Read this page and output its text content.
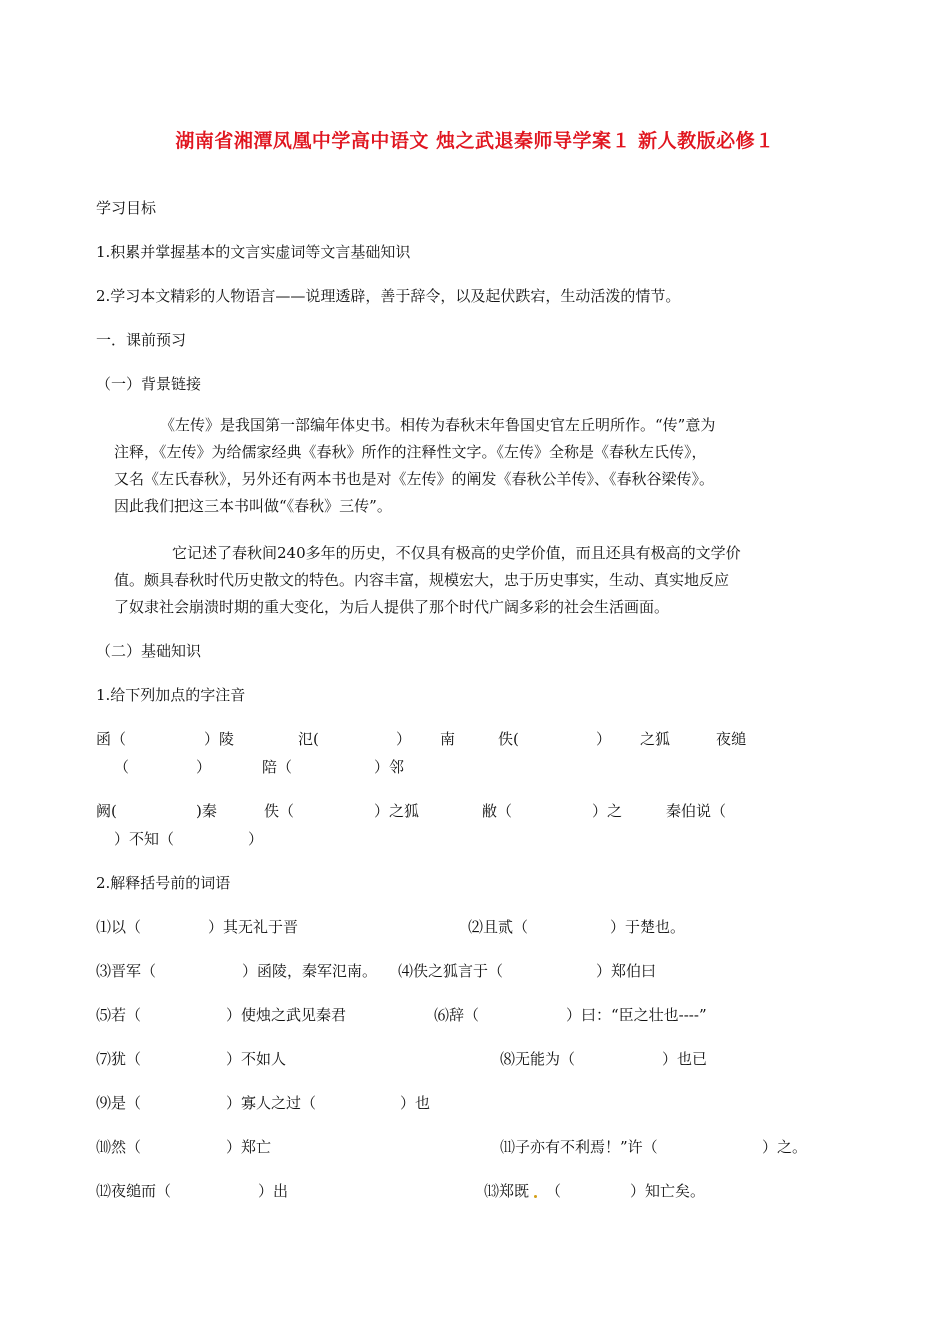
湖南省湘潭凤凰中学高中语文 烛之武退秦师导学案１ 新人教版必修１
学习目标
1.积累并掌握基本的文言实虚词等文言基础知识
2.学习本文精彩的人物语言——说理透辟，善于辞令，以及起伏跌宕，生动活泼的情节。
一．课前预习
（一）背景链接
《左传》是我国第一部编年体史书。相传为春秋末年鲁国史官左丘明所作。“传”意为
注释，《左传》为给儒家经典《春秋》所作的注释性文字。《左传》全称是《春秋左氏传》，
又名《左氏春秋》，另外还有两本书也是对《左传》的阐发《春秋公羊传》、《春秋谷梁传》。
因此我们把这三本书叫做“《春秋》三传”。
它记述了春秋间240多年的历史，不仅具有极高的史学价值，而且还具有极高的文学价
值。颇具春秋时代历史散文的特色。内容丰富，规模宏大，忠于历史事实，生动、真实地反应
了奴隶社会崩溃时期的重大变化，为后人提供了那个时代广阔多彩的社会生活画面。
（二）基础知识
1.给下列加点的字注音
函（	）陵	氾(	） 南	佚(	） 之狐	夜缒
（	）	陪（	）邻
阙(	)秦	佚（	）之狐	敝（	）之	秦伯说（
）不知（	）
2.解释括号前的词语
⑴以（	）其无礼于晋	⑵且贰（	）于楚也。
⑶晋军（	）函陵，秦军氾南。 ⑷佚之狐言于（	）郑伯曰
⑸若（	）使烛之武见秦君	⑹辞（	）曰：“臣之壮也----”
⑺犹（	）不如人	⑻无能为（	）也已
⑼是（	）寡人之过（	）也
⑽然（	）郑亡	⑾子亦有不利焉！”许（	）之。
⑿夜缒而（	）出	⒀郑既 （	）知亡矣。
